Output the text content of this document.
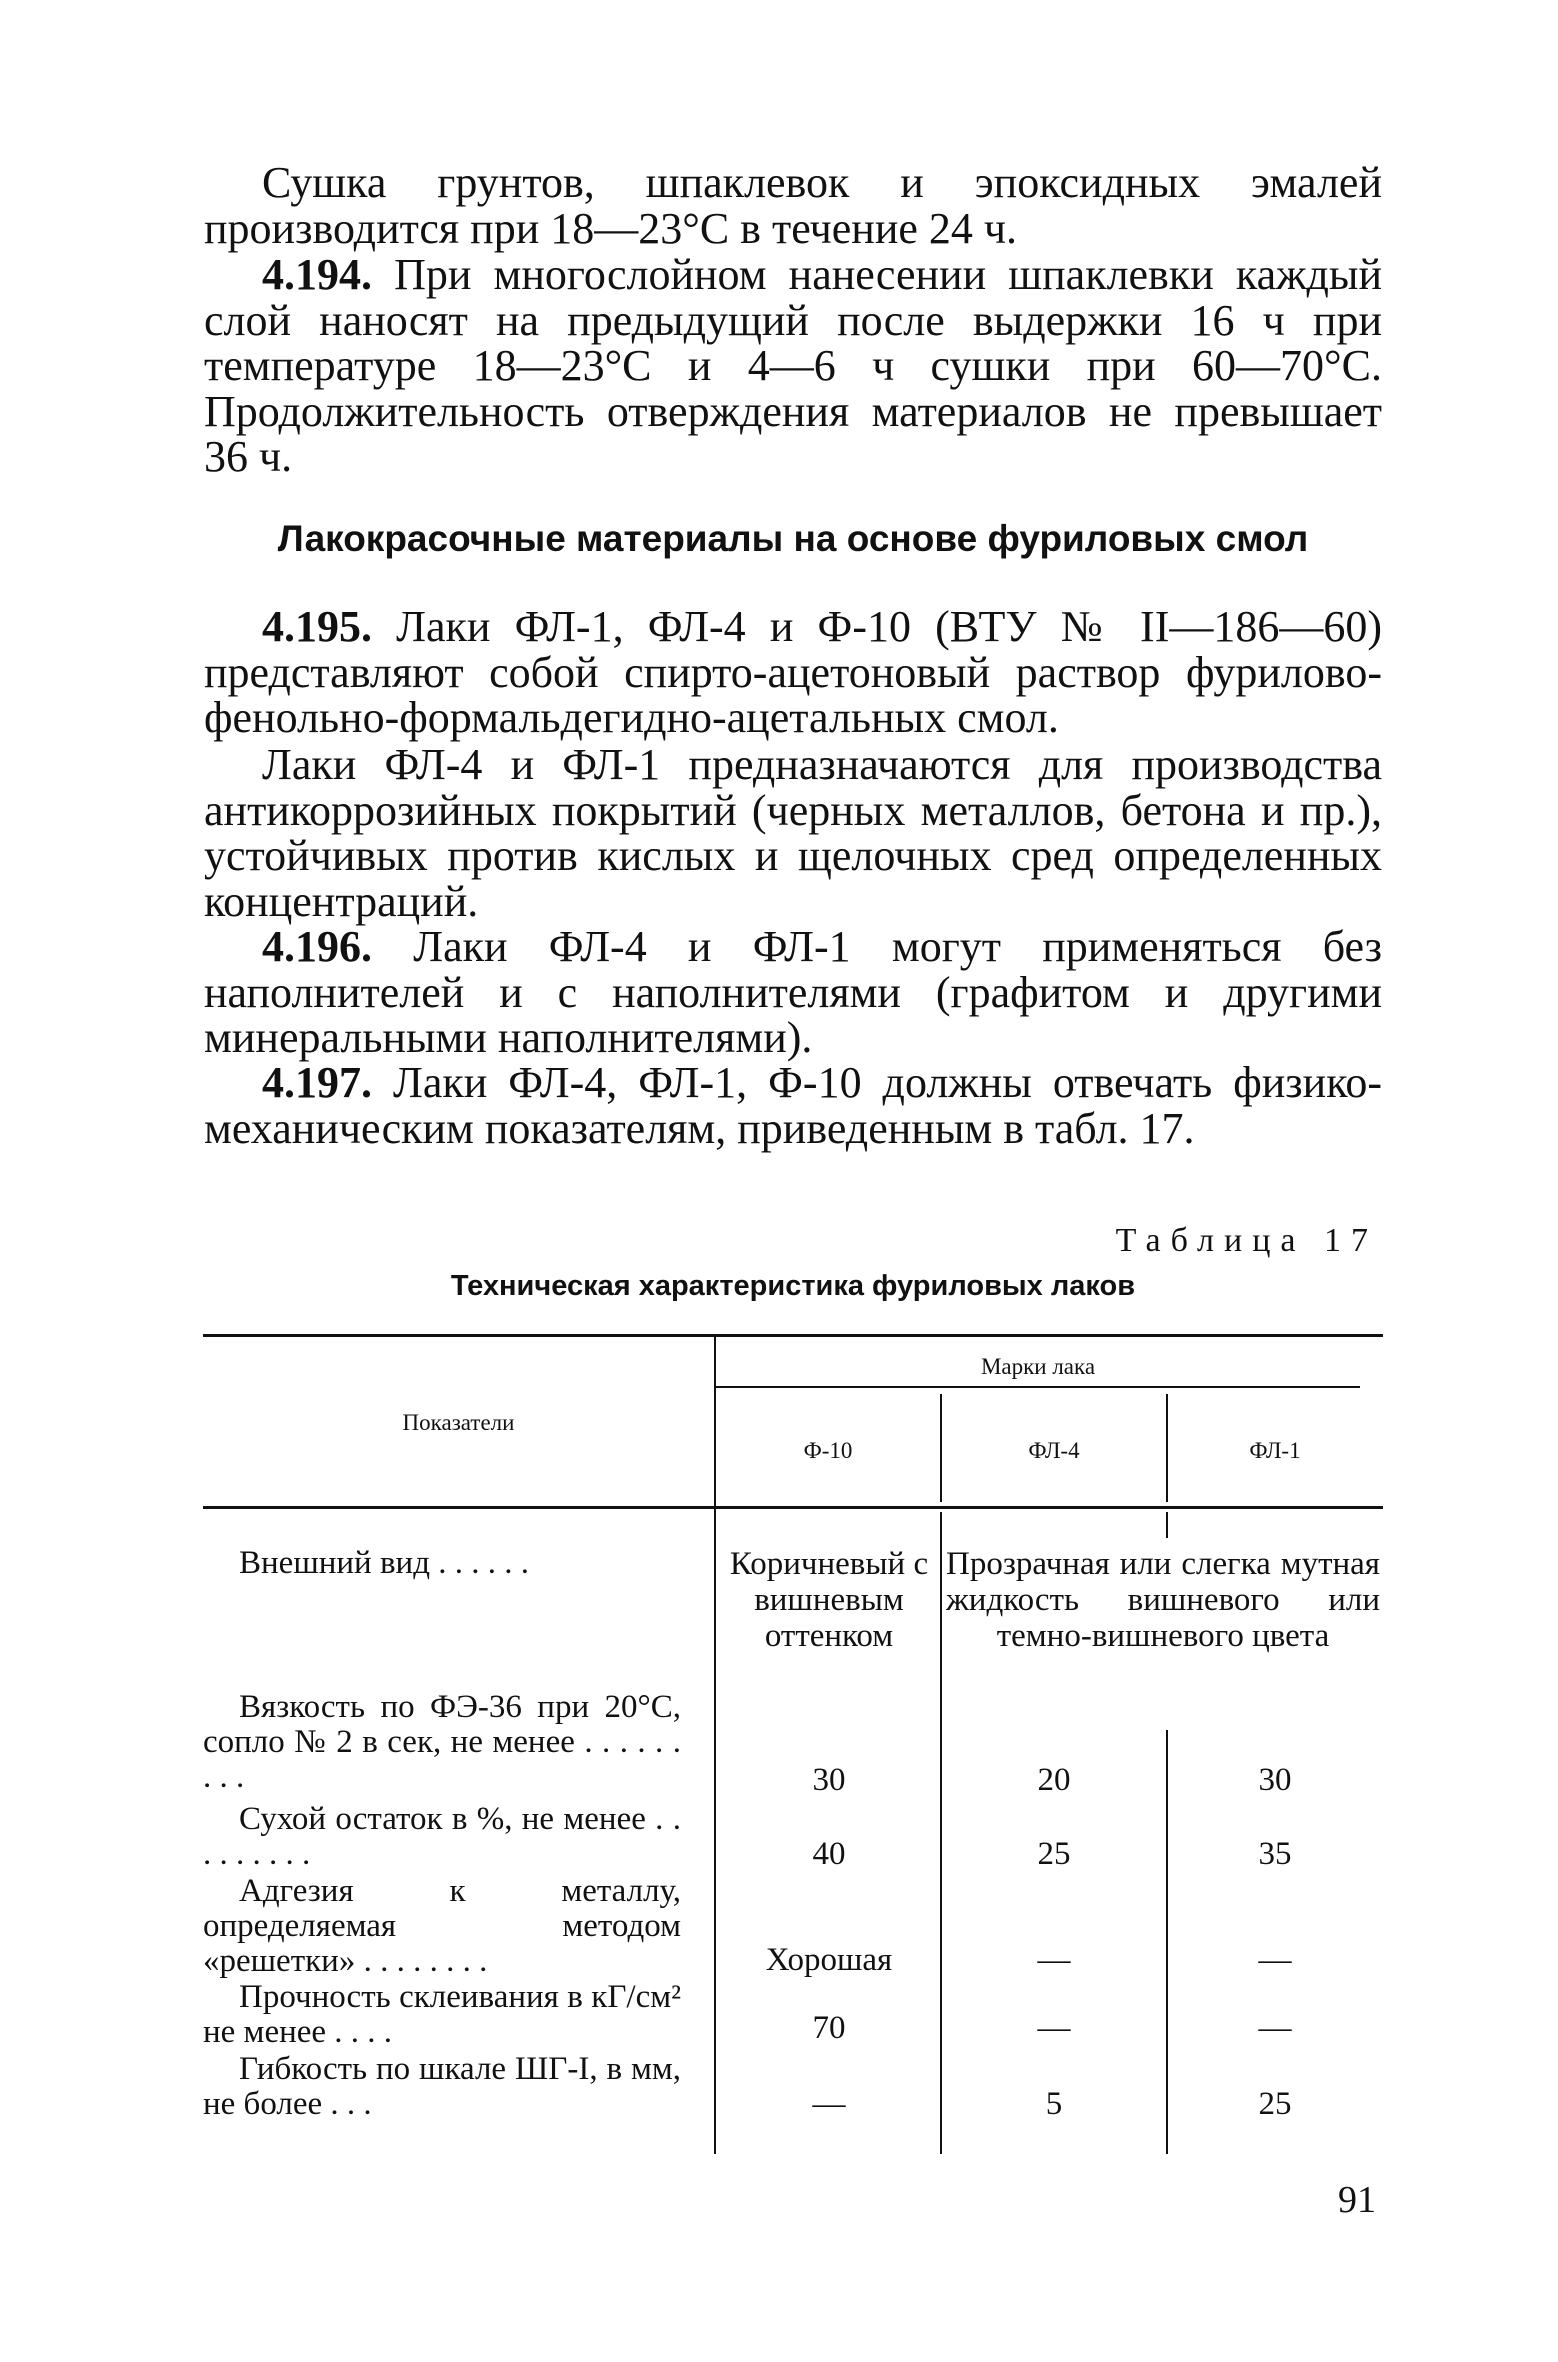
Сушка грунтов, шпаклевок и эпоксидных эмалей производится при 18—23°С в течение 24 ч.

4.194. При многослойном нанесении шпаклевки каждый слой наносят на предыдущий после выдержки 16 ч при температуре 18—23°С и 4—6 ч сушки при 60—70°С. Продолжительность отверждения материалов не превышает 36 ч.

Лакокрасочные материалы на основе фуриловых смол

4.195. Лаки ФЛ-1, ФЛ-4 и Ф-10 (ВТУ № II—186—60) представляют собой спирто-ацетоновый раствор фурилово-фенольно-формальдегидно-ацетальных смол.

Лаки ФЛ-4 и ФЛ-1 предназначаются для производства антикоррозийных покрытий (черных металлов, бетона и пр.), устойчивых против кислых и щелочных сред определенных концентраций.

4.196. Лаки ФЛ-4 и ФЛ-1 могут применяться без наполнителей и с наполнителями (графитом и другими минеральными наполнителями).

4.197. Лаки ФЛ-4, ФЛ-1, Ф-10 должны отвечать физико-механическим показателям, приведенным в табл. 17.

Таблица 17

Техническая характеристика фуриловых лаков

Показатели
Марки лака
Ф-10	ФЛ-4	ФЛ-1
Внешний вид . . . . . .	Коричневый с вишневым оттенком
Прозрачная или слегка мутная жидкость вишневого или темно-вишневого цвета
Вязкость по ФЭ-36 при 20°С, сопло № 2 в сек, не менее . . . . . . . . .	30	20	30
Сухой остаток в %, не менее . . . . . . . . .	40	25	35
Адгезия к металлу, определяемая методом «решетки» . . . . . . . .	Хорошая	—	—
Прочность склеивания в кГ/см² не менее . . . .	70	—	—
Гибкость по шкале ШГ-I, в мм, не более . . .	—	5	25

91
